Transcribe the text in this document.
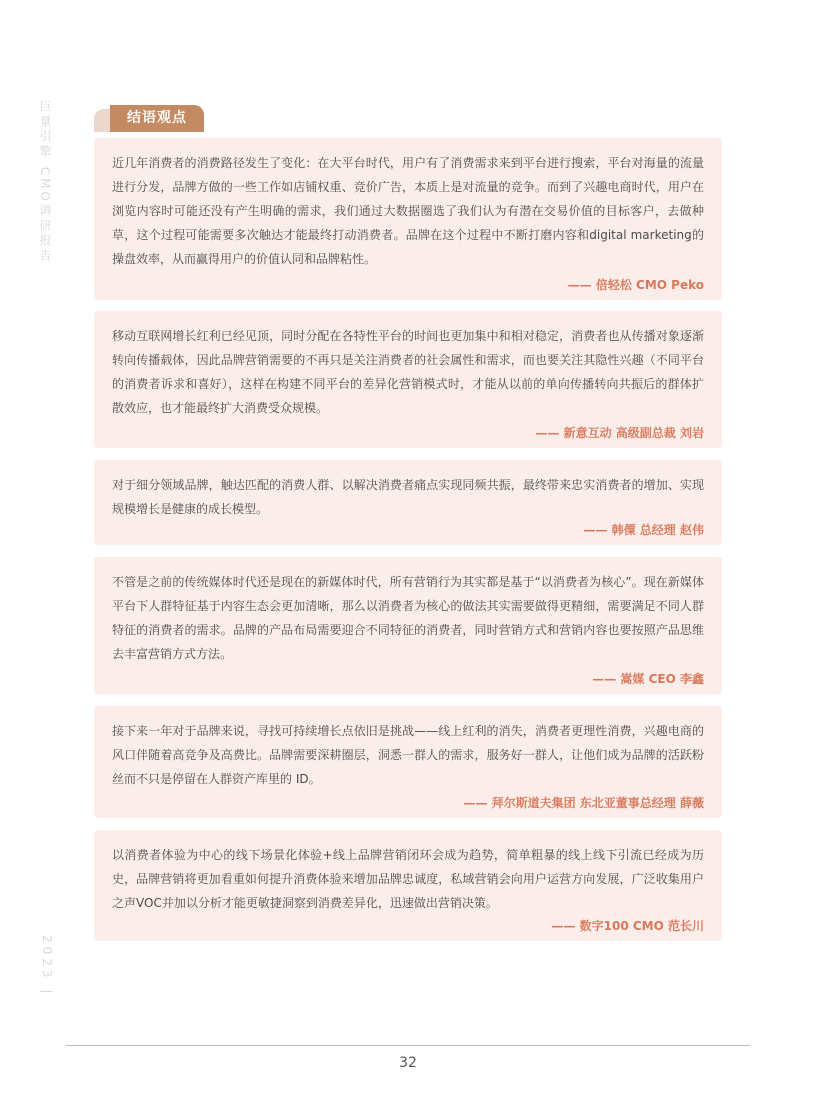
巨量引擎 CMO调研报告
2023 |
结语观点

近几年消费者的消费路径发生了变化：在大平台时代，用户有了消费需求来到平台进行搜索，平台对海量的流量进行分发，品牌方做的一些工作如店铺权重、竞价广告，本质上是对流量的竞争。而到了兴趣电商时代，用户在浏览内容时可能还没有产生明确的需求，我们通过大数据圈选了我们认为有潜在交易价值的目标客户，去做种草，这个过程可能需要多次触达才能最终打动消费者。品牌在这个过程中不断打磨内容和digital marketing的操盘效率，从而赢得用户的价值认同和品牌粘性。

—— 倍轻松 CMO Peko

移动互联网增长红利已经见顶，同时分配在各特性平台的时间也更加集中和相对稳定，消费者也从传播对象逐渐转向传播载体，因此品牌营销需要的不再只是关注消费者的社会属性和需求，而也要关注其隐性兴趣（不同平台的消费者诉求和喜好），这样在构建不同平台的差异化营销模式时，才能从以前的单向传播转向共振后的群体扩散效应，也才能最终扩大消费受众规模。

—— 新意互动 高级副总裁 刘岩

对于细分领域品牌，触达匹配的消费人群、以解决消费者痛点实现同频共振，最终带来忠实消费者的增加、实现规模增长是健康的成长模型。

—— 韩僳 总经理 赵伟

不管是之前的传统媒体时代还是现在的新媒体时代，所有营销行为其实都是基于“以消费者为核心”。现在新媒体平台下人群特征基于内容生态会更加清晰，那么以消费者为核心的做法其实需要做得更精细，需要满足不同人群特征的消费者的需求。品牌的产品布局需要迎合不同特征的消费者，同时营销方式和营销内容也要按照产品思维去丰富营销方式方法。

—— 嵩媒 CEO 李鑫

接下来一年对于品牌来说，寻找可持续增长点依旧是挑战——线上红利的消失，消费者更理性消费，兴趣电商的风口伴随着高竞争及高费比。品牌需要深耕圈层，洞悉一群人的需求，服务好一群人，让他们成为品牌的活跃粉丝而不只是停留在人群资产库里的 ID。

—— 拜尔斯道夫集团 东北亚董事总经理 薛薇

以消费者体验为中心的线下场景化体验+线上品牌营销闭环会成为趋势，简单粗暴的线上线下引流已经成为历史，品牌营销将更加看重如何提升消费体验来增加品牌忠诚度，私域营销会向用户运营方向发展，广泛收集用户之声VOC并加以分析才能更敏捷洞察到消费差异化，迅速做出营销决策。

—— 数字100 CMO 范长川
32
